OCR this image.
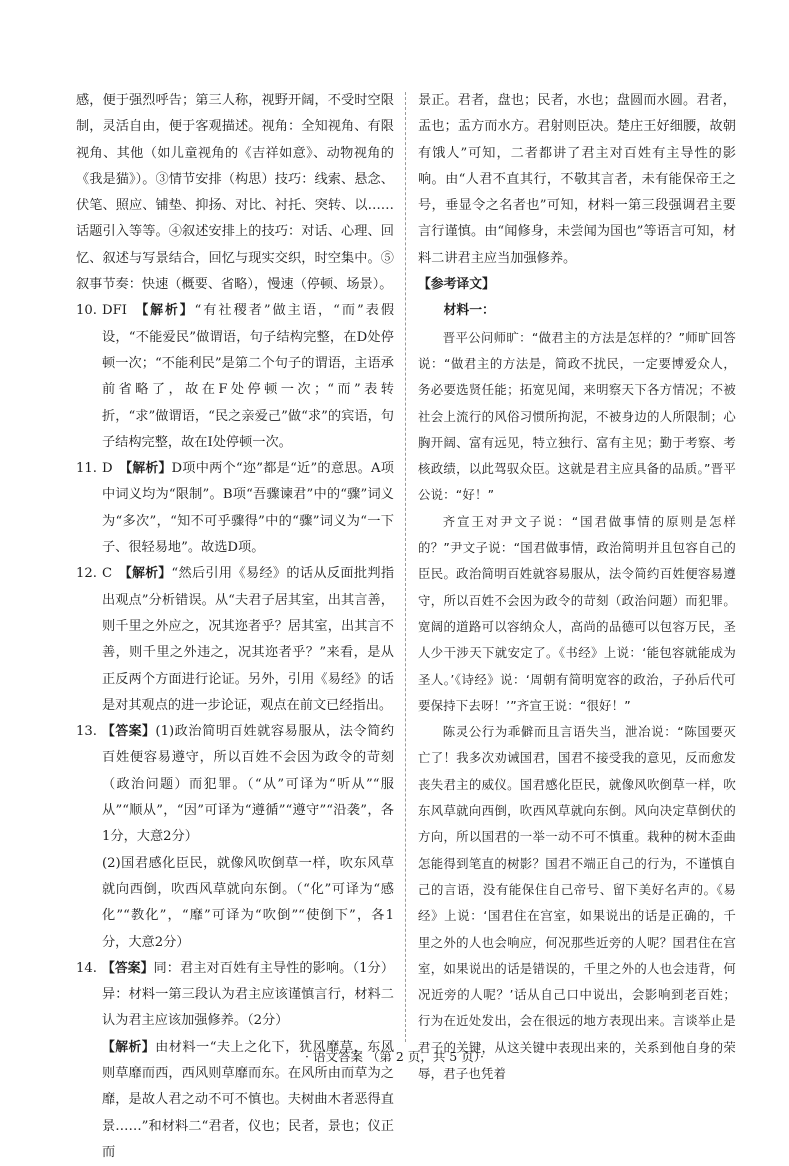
感，便于强烈呼告；第三人称，视野开阔，不受时空限制，灵活自由，便于客观描述。视角：全知视角、有限视角、其他（如儿童视角的《吉祥如意》、动物视角的《我是猫》）。③情节安排（构思）技巧：线索、悬念、伏笔、照应、铺垫、抑扬、对比、衬托、突转、以……话题引入等等。④叙述安排上的技巧：对话、心理、回忆、叙述与写景结合，回忆与现实交织，时空集中。⑤叙事节奏：快速（概要、省略），慢速（停顿、场景）。

10. DFI  【解析】“有社稷者”做主语，“而”表假设，“不能爱民”做谓语，句子结构完整，在D处停顿一次；“不能利民”是第二个句子的谓语，主语承前省略了，故在F处停顿一次；“而”表转折，“求”做谓语，“民之亲爱己”做“求”的宾语，句子结构完整，故在I处停顿一次。

11. D  【解析】D项中两个“迩”都是“近”的意思。A项中词义均为“限制”。B项“吾骤谏君”中的“骤”词义为“多次”，“知不可乎骤得”中的“骤”词义为“一下子、很轻易地”。故选D项。

12. C  【解析】“然后引用《易经》的话从反面批判指出观点”分析错误。从“夫君子居其室，出其言善，则千里之外应之，况其迩者乎？居其室，出其言不善，则千里之外违之，况其迩者乎？”来看，是从正反两个方面进行论证。另外，引用《易经》的话是对其观点的进一步论证，观点在前文已经指出。

13. 【答案】(1)政治简明百姓就容易服从，法令简约百姓便容易遵守，所以百姓不会因为政令的苛刻（政治问题）而犯罪。（“从”可译为“听从”“服从”“顺从”，“因”可译为“遵循”“遵守”“沿袭”，各1分，大意2分）

(2)国君感化臣民，就像风吹倒草一样，吹东风草就向西倒，吹西风草就向东倒。（“化”可译为“感化”“教化”，“靡”可译为“吹倒”“使倒下”，各1分，大意2分）

14. 【答案】同：君主对百姓有主导性的影响。（1分）异：材料一第三段认为君主应该谨慎言行，材料二认为君主应该加强修养。（2分）

【解析】由材料一“夫上之化下，犹风靡草，东风则草靡而西，西风则草靡而东。在风所由而草为之靡，是故人君之动不可不慎也。夫树曲木者恶得直景……”和材料二“君者，仪也；民者，景也；仪正而

景正。君者，盘也；民者，水也；盘圆而水圆。君者，盂也；盂方而水方。君射则臣决。楚庄王好细腰，故朝有饿人”可知，二者都讲了君主对百姓有主导性的影响。由“人君不直其行，不敬其言者，未有能保帝王之号，垂显令之名者也”可知，材料一第三段强调君主要言行谨慎。由“闻修身，未尝闻为国也”等语言可知，材料二讲君主应当加强修养。

【参考译文】

材料一：

晋平公问师旷：“做君主的方法是怎样的？”师旷回答说：“做君主的方法是，简政不扰民，一定要博爱众人，务必要选贤任能；拓宽见闻，来明察天下各方情况；不被社会上流行的风俗习惯所拘泥，不被身边的人所限制；心胸开阔、富有远见，特立独行、富有主见；勤于考察、考核政绩，以此驾驭众臣。这就是君主应具备的品质。”晋平公说：“好！”

齐宣王对尹文子说：“国君做事情的原则是怎样的？”尹文子说：“国君做事情，政治简明并且包容自己的臣民。政治简明百姓就容易服从，法令简约百姓便容易遵守，所以百姓不会因为政令的苛刻（政治问题）而犯罪。宽阔的道路可以容纳众人，高尚的品德可以包容万民，圣人少干涉天下就安定了。《书经》上说：‘能包容就能成为圣人。’《诗经》说：‘周朝有简明宽容的政治，子孙后代可要保持下去呀！’”齐宣王说：“很好！”

陈灵公行为乖僻而且言语失当，泄冶说：“陈国要灭亡了！我多次劝诫国君，国君不接受我的意见，反而愈发丧失君主的威仪。国君感化臣民，就像风吹倒草一样，吹东风草就向西倒，吹西风草就向东倒。风向决定草倒伏的方向，所以国君的一举一动不可不慎重。栽种的树木歪曲怎能得到笔直的树影？国君不端正自己的行为，不谨慎自己的言语，没有能保住自己帝号、留下美好名声的。《易经》上说：‘国君住在宫室，如果说出的话是正确的，千里之外的人也会响应，何况那些近旁的人呢？国君住在宫室，如果说出的话是错误的，千里之外的人也会违背，何况近旁的人呢？’话从自己口中说出，会影响到老百姓；行为在近处发出，会在很远的地方表现出来。言谈举止是君子的关键，从这关键中表现出来的，关系到他自身的荣辱，君子也凭着

· 语文答案 （第 2 页，共 5 页）·
